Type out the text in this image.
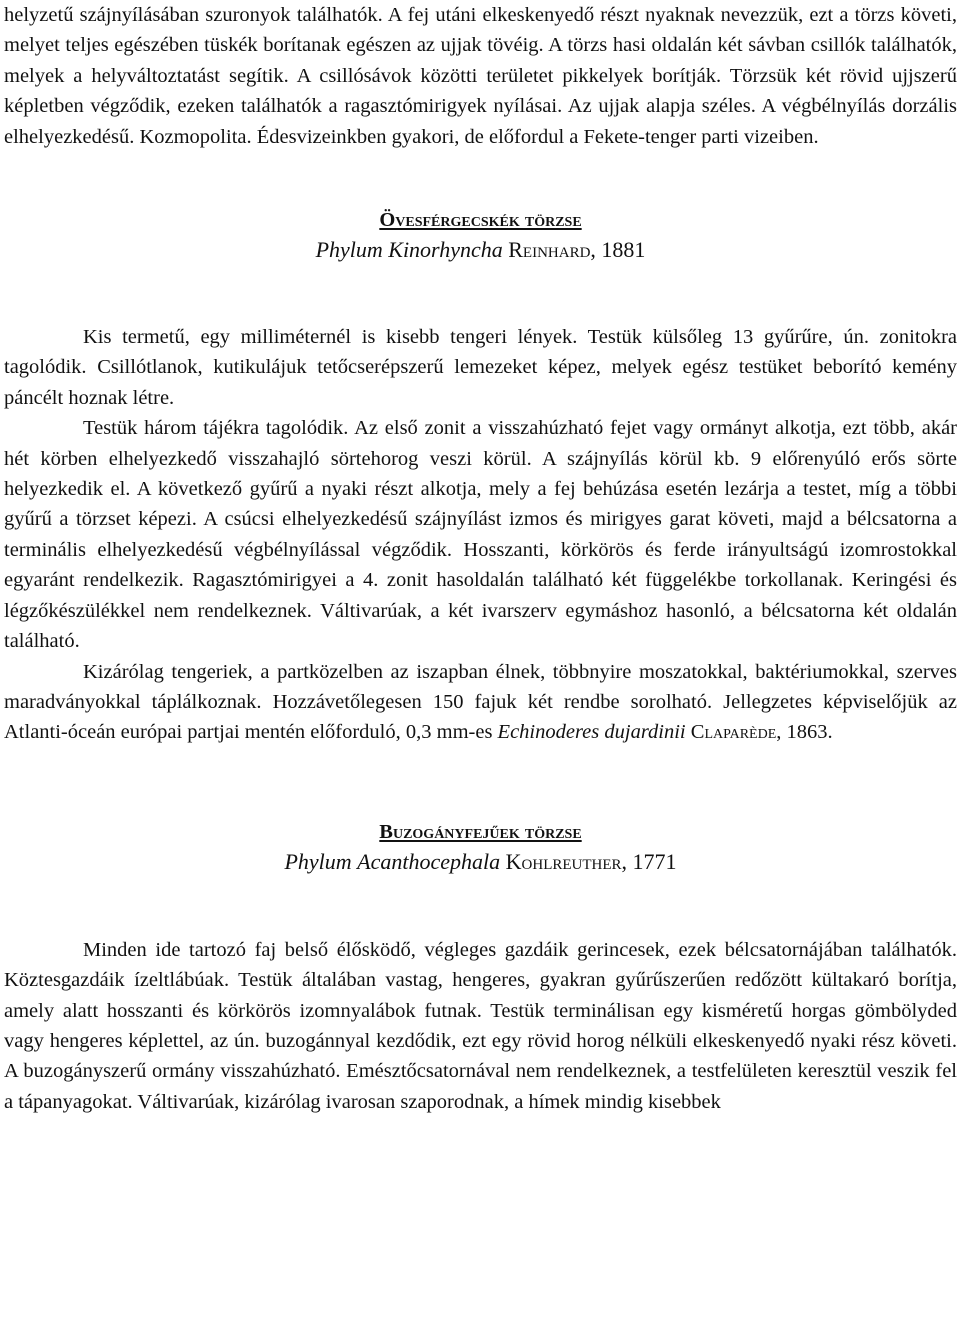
helyzetű szájnyílásában szuronyok találhatók. A fej utáni elkeskenyedő részt nyaknak nevezzük, ezt a törzs követi, melyet teljes egészében tüskék borítanak egészen az ujjak tövéig. A törzs hasi oldalán két sávban csillók találhatók, melyek a helyváltoztatást segítik. A csillósávok közötti területet pikkelyek borítják. Törzsük két rövid ujjszerű képletben végződik, ezeken találhatók a ragasztómirigyek nyílásai. Az ujjak alapja széles. A végbélnyílás dorzális elhelyezkedésű. Kozmopolita. Édesvizeinkben gyakori, de előfordul a Fekete-tenger parti vizeiben.

Övesférgecskék törzse
Phylum Kinorhyncha Reinhard, 1881

Kis termetű, egy milliméternél is kisebb tengeri lények. Testük külsőleg 13 gyűrűre, ún. zonitokra tagolódik. Csillótlanok, kutikulájuk tetőcserépszerű lemezeket képez, melyek egész testüket beborító kemény páncélt hoznak létre.

Testük három tájékra tagolódik. Az első zonit a visszahúzható fejet vagy ormányt alkotja, ezt több, akár hét körben elhelyezkedő visszahajló sörtehorog veszi körül. A szájnyílás körül kb. 9 előrenyúló erős sörte helyezkedik el. A következő gyűrű a nyaki részt alkotja, mely a fej behúzása esetén lezárja a testet, míg a többi gyűrű a törzset képezi. A csúcsi elhelyezkedésű szájnyílást izmos és mirigyes garat követi, majd a bélcsatorna a terminális elhelyezkedésű végbélnyílással végződik. Hosszanti, körkörös és ferde irányultságú izomrostokkal egyaránt rendelkezik. Ragasztómirigyei a 4. zonit hasoldalán található két függelékbe torkollanak. Keringési és légzőkészülékkel nem rendelkeznek. Váltivarúak, a két ivarszerv egymáshoz hasonló, a bélcsatorna két oldalán található.

Kizárólag tengeriek, a partközelben az iszapban élnek, többnyire moszatokkal, baktériumokkal, szerves maradványokkal táplálkoznak. Hozzávetőlegesen 150 fajuk két rendbe sorolható. Jellegzetes képviselőjük az Atlanti-óceán európai partjai mentén előforduló, 0,3 mm-es Echinoderes dujardinii Claparède, 1863.

Buzogányfejűek törzse
Phylum Acanthocephala Kohlreuther, 1771

Minden ide tartozó faj belső élősködő, végleges gazdáik gerincesek, ezek bélcsatornájában találhatók. Köztesgazdáik ízeltlábúak. Testük általában vastag, hengeres, gyakran gyűrűszerűen redőzött kültakaró borítja, amely alatt hosszanti és körkörös izomnyalábok futnak. Testük terminálisan egy kisméretű horgas gömbölyded vagy hengeres képlettel, az ún. buzogánnyal kezdődik, ezt egy rövid horog nélküli elkeskenyedő nyaki rész követi. A buzogányszerű ormány visszahúzható. Emésztőcsatornával nem rendelkeznek, a testfelületen keresztül veszik fel a tápanyagokat. Váltivarúak, kizárólag ivarosan szaporodnak, a hímek mindig kisebbek
